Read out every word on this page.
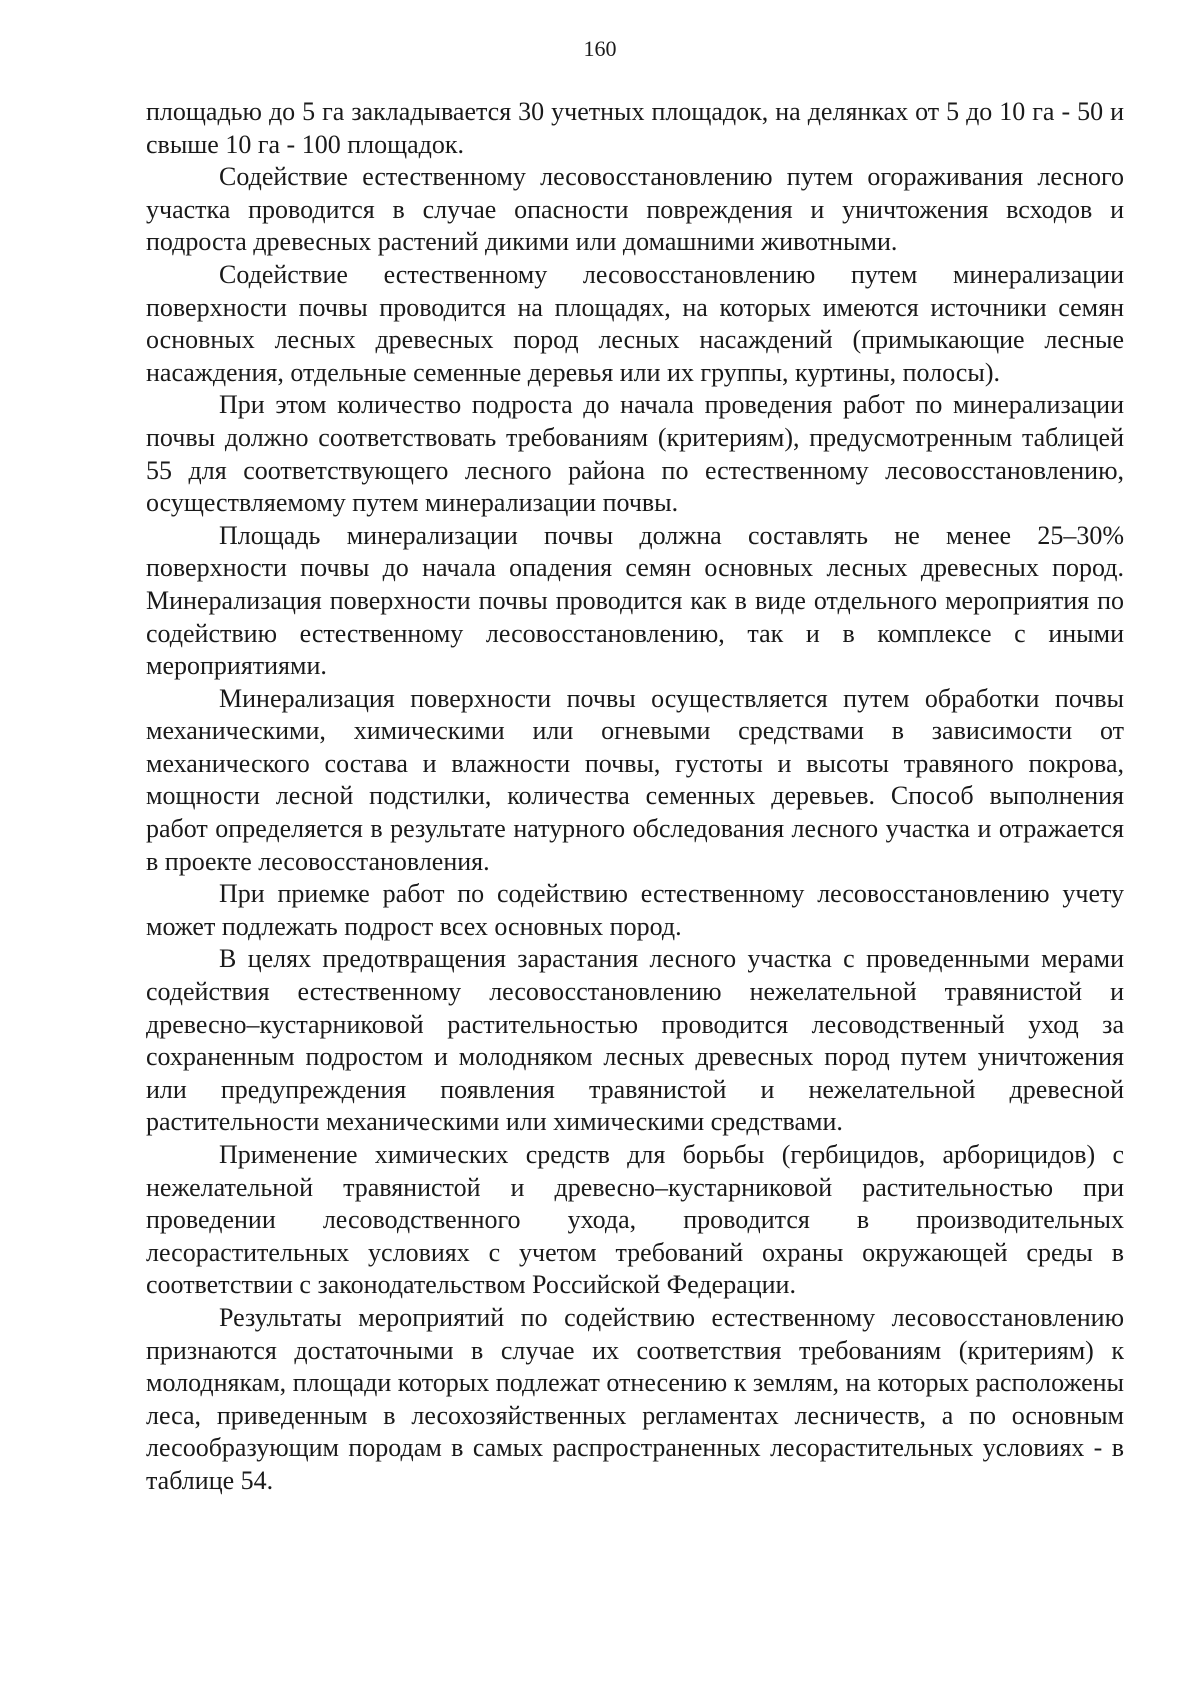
160

площадью до 5 га закладывается 30 учетных площадок, на делянках от 5 до 10 га - 50 и свыше 10 га - 100 площадок.

Содействие естественному лесовосстановлению путем огораживания лесного участка проводится в случае опасности повреждения и уничтожения всходов и подроста древесных растений дикими или домашними животными.

Содействие естественному лесовосстановлению путем минерализации поверхности почвы проводится на площадях, на которых имеются источники семян основных лесных древесных пород лесных насаждений (примыкающие лесные насаждения, отдельные семенные деревья или их группы, куртины, полосы).

При этом количество подроста до начала проведения работ по минерализации почвы должно соответствовать требованиям (критериям), предусмотренным таблицей 55 для соответствующего лесного района по естественному лесовосстановлению, осуществляемому путем минерализации почвы.

Площадь минерализации почвы должна составлять не менее 25–30% поверхности почвы до начала опадения семян основных лесных древесных пород. Минерализация поверхности почвы проводится как в виде отдельного мероприятия по содействию естественному лесовосстановлению, так и в комплексе с иными мероприятиями.

Минерализация поверхности почвы осуществляется путем обработки почвы механическими, химическими или огневыми средствами в зависимости от механического состава и влажности почвы, густоты и высоты травяного покрова, мощности лесной подстилки, количества семенных деревьев. Способ выполнения работ определяется в результате натурного обследования лесного участка и отражается в проекте лесовосстановления.

При приемке работ по содействию естественному лесовосстановлению учету может подлежать подрост всех основных пород.

В целях предотвращения зарастания лесного участка с проведенными мерами содействия естественному лесовосстановлению нежелательной травянистой и древесно–кустарниковой растительностью проводится лесоводственный уход за сохраненным подростом и молодняком лесных древесных пород путем уничтожения или предупреждения появления травянистой и нежелательной древесной растительности механическими или химическими средствами.

Применение химических средств для борьбы (гербицидов, арборицидов) с нежелательной травянистой и древесно–кустарниковой растительностью при проведении лесоводственного ухода, проводится в производительных лесорастительных условиях с учетом требований охраны окружающей среды в соответствии с законодательством Российской Федерации.

Результаты мероприятий по содействию естественному лесовосстановлению признаются достаточными в случае их соответствия требованиям (критериям) к молоднякам, площади которых подлежат отнесению к землям, на которых расположены леса, приведенным в лесохозяйственных регламентах лесничеств, а по основным лесообразующим породам в самых распространенных лесорастительных условиях - в таблице 54.
